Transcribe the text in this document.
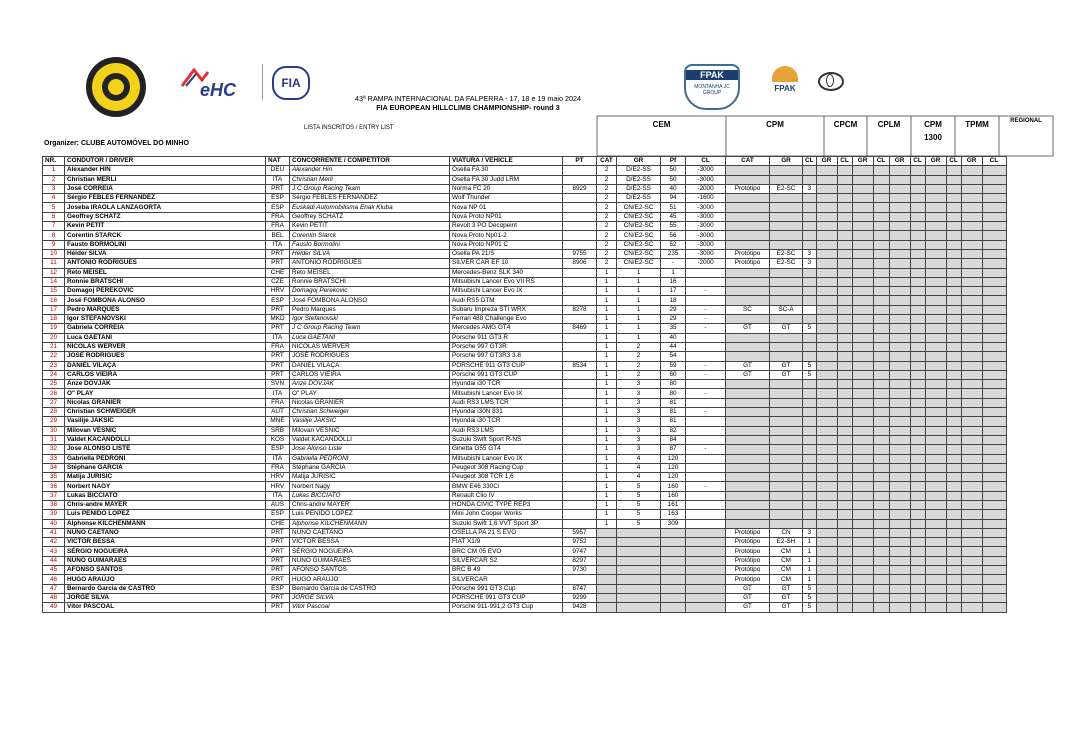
eHC	FIA
43ª RAMPA INTERNACIONAL DA FALPERRA - 17, 18 e 19 maio 2024
FIA EUROPEAN HILLCLIMB CHAMPIONSHIP- round 3
FPAK
MONTANHA JC GROUP	FPAK
LISTA INSCRITOS / ENTRY LIST
Organizer: CLUBE AUTOMÓVEL DO MINHO
CEM	CPM	CPCM	CPLM	CPM 1300
TPMM	REGIONAL
NR.	CONDUTOR / DRIVER	NAT	CONCORRENTE / COMPETITOR	VIATURA / VEHICLE	PT	CAT	GR	Pf	CL	CAT	GR	CL	GR	CL	GR	CL	GR	CL	GR	CL	GR	CL
1	Alexander HIN	DEU	Alexander Hin	Osella FA 30		2	D/E2-SS	50	-3000													
2	Christian MERLI	ITA	Christian Merli	Osella FA 30 Judd LRM		2	D/E2-SS	50	-3000													
3	José CORREIA	PRT	J C Group Racing Team	Norma FC 20	8929	2	D/E2-SS	40	-2000	Protótipo	E2-SC	3										
4	Sérgio FEBLES FERNANDEZ	ESP	Sérgio FEBLES FERNANDEZ	Wolf Thunder		2	D/E2-SS	94	-1600													
5	Joseba IRAOLA LANZAGORTA	ESP	Euskadi Automobilisma Enak Kluba	Nova NP 01		2	CN/E2-SC	51	-3000													
6	Geoffrey SCHATZ	FRA	Geoffrey SCHATZ	Nova Proto NP01		2	CN/E2-SC	45	-3000													
7	Kevin PETIT	FRA	Kevin PETIT	Revolt 3 PO Décopeint		2	CN/E2-SC	55	-3000													
8	Corentin STARCK	BEL	Corentin Starck	Nova Proto Np01-2		2	CN/E2-SC	56	-3000													
9	Fausto BORMOLINI	ITA	Fausto Bormolini	Nova Proto NP01 C		2	CN/E2-SC	52	-3000													
10	Hélder SILVA	PRT	Hélder SILVA	Osella PA 21/S	9755	2	CN/E2-SC	235	-3000	Protótipo	E2-SC	3										
11	ANTÓNIO RODRIGUES	PRT	ANTÓNIO RODRIGUES	SILVER CAR EF 10	8906	2	CN/E2-SC	-	-2000	Protótipo	E2-SC	3										
12	Reto MEISEL	CHE	Reto MEISEL	Mercedes-Benz SLK 340		1	1	1														
14	Ronnie BRATSCHI	CZE	Ronnie BRATSCHI	Mitsubishi Lancer Evo VII RS		1	1	16														
15	Domagoj PEREKOVIĆ	HRV	Domagoj Perekovic	Mitsubishi Lancer Evo IX		1	1	17	-													
16	José FOMBONA ALONSO	ESP	José FOMBONA ALONSO	Audi RS5 DTM		1	1	18														
17	Pedro MARQUES	PRT	Pedro Marques	Subaru Impreza STI WRX	8278	1	1	29	-	SC	SC-A											
18	Igor STEFANOVSKI	MKD	Igor Stefanovski	Ferrari 488 Challenge Evo		1	1	29	-													
19	Gabriela CORREIA	PRT	J C Group Racing Team	Mercedes AMG GT4	8469	1	1	35	-	GT	GT	5										
20	Luca GAETANI	ITA	Luca GAETANI	Porsche 911 GT3 R		1	1	40														
21	NICOLAS WERVER	FRA	NICOLAS WERVER	Porsche 997 GT3R		1	2	44														
22	JOSÉ RODRIGUES	PRT	JOSÉ RODRIGUES	Porsche 997 GT3R3 3.8		1	2	54														
23	DANIEL VILAÇA	PRT	DANIEL VILAÇA	PORSCHE 911 GT3 CUP	8534	1	2	59	-	GT	GT	5										
24	CARLOS VIEIRA	PRT	CARLOS VIEIRA	Porsche 991 GT3 CUP		1	2	60	-	GT	GT	5										
25	Anze DOVJAK	SVN	Anze DOVJAK	Hyundai i30 TCR		1	3	80														
26	O" PLAY	ITA	O" PLAY	Mitsubishi Lancer Evo IX		1	3	80	-													
27	Nicolas GRANIER	FRA	Nicolas GRANIER	Audi RS3 LMS TCR		1	3	81														
28	Christian SCHWEIGER	AUT	Christian Schweiger	Hyundai i30N 831		1	3	81	-													
29	Vasilije JAKSIC	MNE	Vasilije JAKSIC	Hyundai i30 TCR		1	3	81														
30	Milovan VESNIC	SRB	Milovan VESNIC	Audi RS3 LMS		1	3	82														
31	Valdet KACANDOLLI	KOS	Valdet KACANDOLLI	Suzuki Swift Sport R-NS		1	3	84														
32	Jose ALONSO LISTE	ESP	Jose Alonso Liste	Ginetta G55 GT4		1	3	87	-													
33	Gabriella PEDRONI	ITA	Gabriella PEDRONI	Mitsubishi Lancer Evo IX		1	4	120														
34	Stéphane GARCIA	FRA	Stéphane GARCIA	Peugeot 308 Racing Cup		1	4	120														
35	Matija JURISIC	HRV	Matija JURISIC	Peugeot 308 TCR 1,6		1	4	120														
36	Norbert NAGY	HRV	Norbert Nagy	BMW E46 330Ci		1	5	160	-													
37	Lukas BICCIATO	ITA	Lukas BICCIATO	Renault Clio IV		1	5	160														
38	Chris-andre MAYER	AUS	Chris-andre MAYER	HONDA CIVIC TYPE REP3		1	5	161														
39	Luis PENIDO LOPEZ	ESP	Luis PENIDO LOPEZ	Mini John Cooper Works		1	5	163														
40	Alphonse KILCHENMANN	CHE	Alphonse KILCHENMANN	Suzuki Swift 1,6 VVT Sport 3P		1	5	309														
41	NUNO CAETANO	PRT	NUNO CAETANO	OSELLA PA 21 S EVO	5957					Protótipo	CN	3										
42	VICTOR BESSA	PRT	VICTOR BESSA	FIAT X1/9	9752					Protótipo	E2-SH	1										
43	SÉRGIO NOGUEIRA	PRT	SÉRGIO NOGUEIRA	BRC CM 05 EVO	9747					Protótipo	CM	1										
44	NUNO GUIMARÃES	PRT	NUNO GUIMARÃES	SILVERCAR S2	8297					Protótipo	CM	1										
45	AFONSO SANTOS	PRT	AFONSO SANTOS	BRC B 49	9730					Protótipo	CM	1										
46	HUGO ARAÚJO	PRT	HUGO ARAÚJO	SILVERCAR						Protótipo	CM	1										
47	Bernardo Garcia de CASTRO	ESP	Bernardo Garcia de CASTRO	Porsche 991 GT3 Cup	8747					GT	GT	5										
48	JORGE SILVA	PRT	JORGE SILVA	PORSCHE 991 GT3 CUP	9299					GT	GT	5										
49	Vítor PASCOAL	PRT	Vitor Pascoal	Porsche 911-991,2 GT3 Cup	9428					GT	GT	5										
